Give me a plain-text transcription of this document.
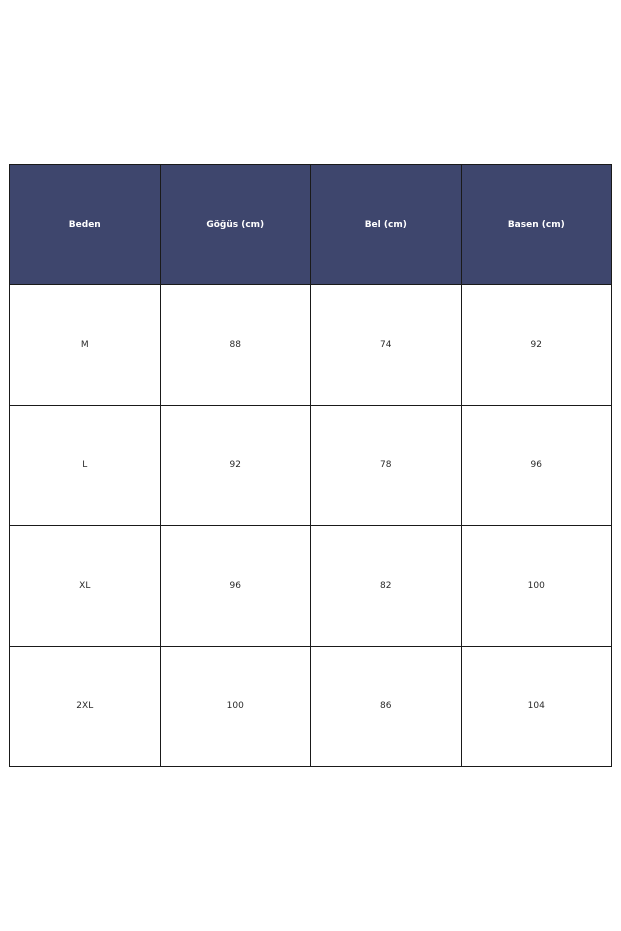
Beden	Göğüs (cm)	Bel (cm)	Basen (cm)
M	88	74	92
L	92	78	96
XL	96	82	100
2XL	100	86	104
